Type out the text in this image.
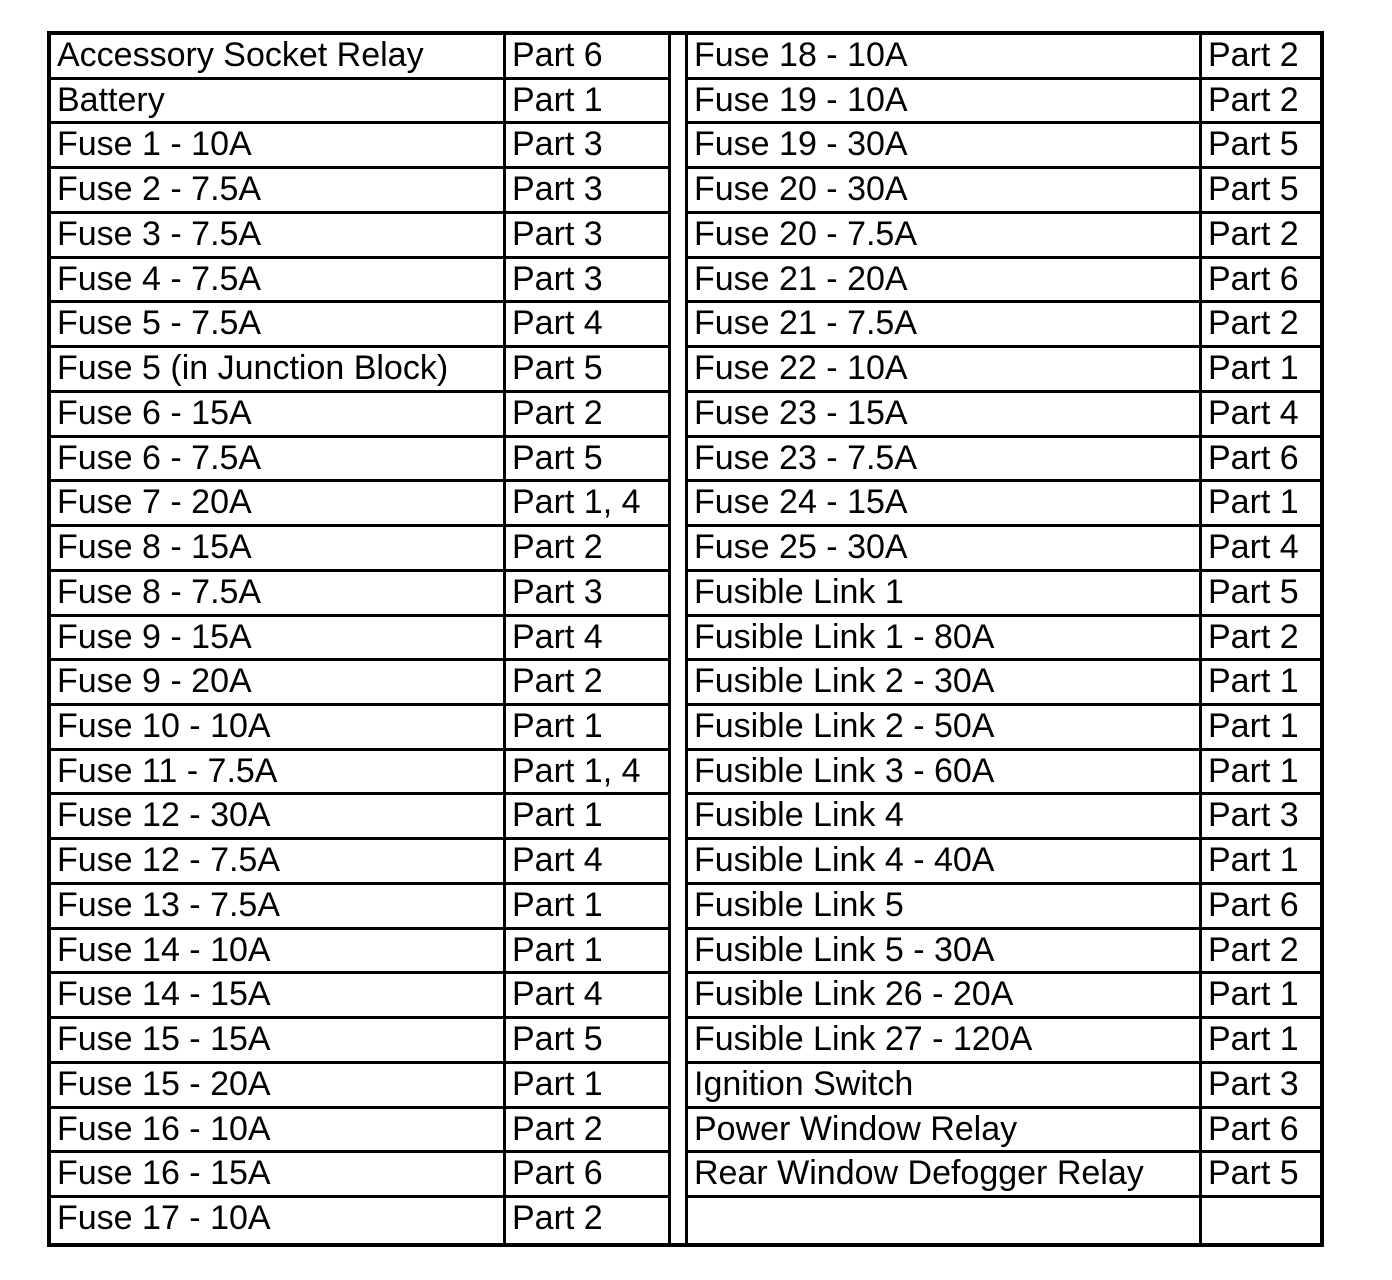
Accessory Socket Relay	Part 6
Battery	Part 1
Fuse 1 - 10A	Part 3
Fuse 2 - 7.5A	Part 3
Fuse 3 - 7.5A	Part 3
Fuse 4 - 7.5A	Part 3
Fuse 5 - 7.5A	Part 4
Fuse 5 (in Junction Block)	Part 5
Fuse 6 - 15A	Part 2
Fuse 6 - 7.5A	Part 5
Fuse 7 - 20A	Part 1, 4
Fuse 8 - 15A	Part 2
Fuse 8 - 7.5A	Part 3
Fuse 9 - 15A	Part 4
Fuse 9 - 20A	Part 2
Fuse 10 - 10A	Part 1
Fuse 11 - 7.5A	Part 1, 4
Fuse 12 - 30A	Part 1
Fuse 12 - 7.5A	Part 4
Fuse 13 - 7.5A	Part 1
Fuse 14 - 10A	Part 1
Fuse 14 - 15A	Part 4
Fuse 15 - 15A	Part 5
Fuse 15 - 20A	Part 1
Fuse 16 - 10A	Part 2
Fuse 16 - 15A	Part 6
Fuse 17 - 10A	Part 2
Fuse 18 - 10A	Part 2
Fuse 19 - 10A	Part 2
Fuse 19 - 30A	Part 5
Fuse 20 - 30A	Part 5
Fuse 20 - 7.5A	Part 2
Fuse 21 - 20A	Part 6
Fuse 21 - 7.5A	Part 2
Fuse 22 - 10A	Part 1
Fuse 23 - 15A	Part 4
Fuse 23 - 7.5A	Part 6
Fuse 24 - 15A	Part 1
Fuse 25 - 30A	Part 4
Fusible Link 1	Part 5
Fusible Link 1 - 80A	Part 2
Fusible Link 2 - 30A	Part 1
Fusible Link 2 - 50A	Part 1
Fusible Link 3 - 60A	Part 1
Fusible Link 4	Part 3
Fusible Link 4 - 40A	Part 1
Fusible Link 5	Part 6
Fusible Link 5 - 30A	Part 2
Fusible Link 26 - 20A	Part 1
Fusible Link 27 - 120A	Part 1
Ignition Switch	Part 3
Power Window Relay	Part 6
Rear Window Defogger Relay	Part 5
